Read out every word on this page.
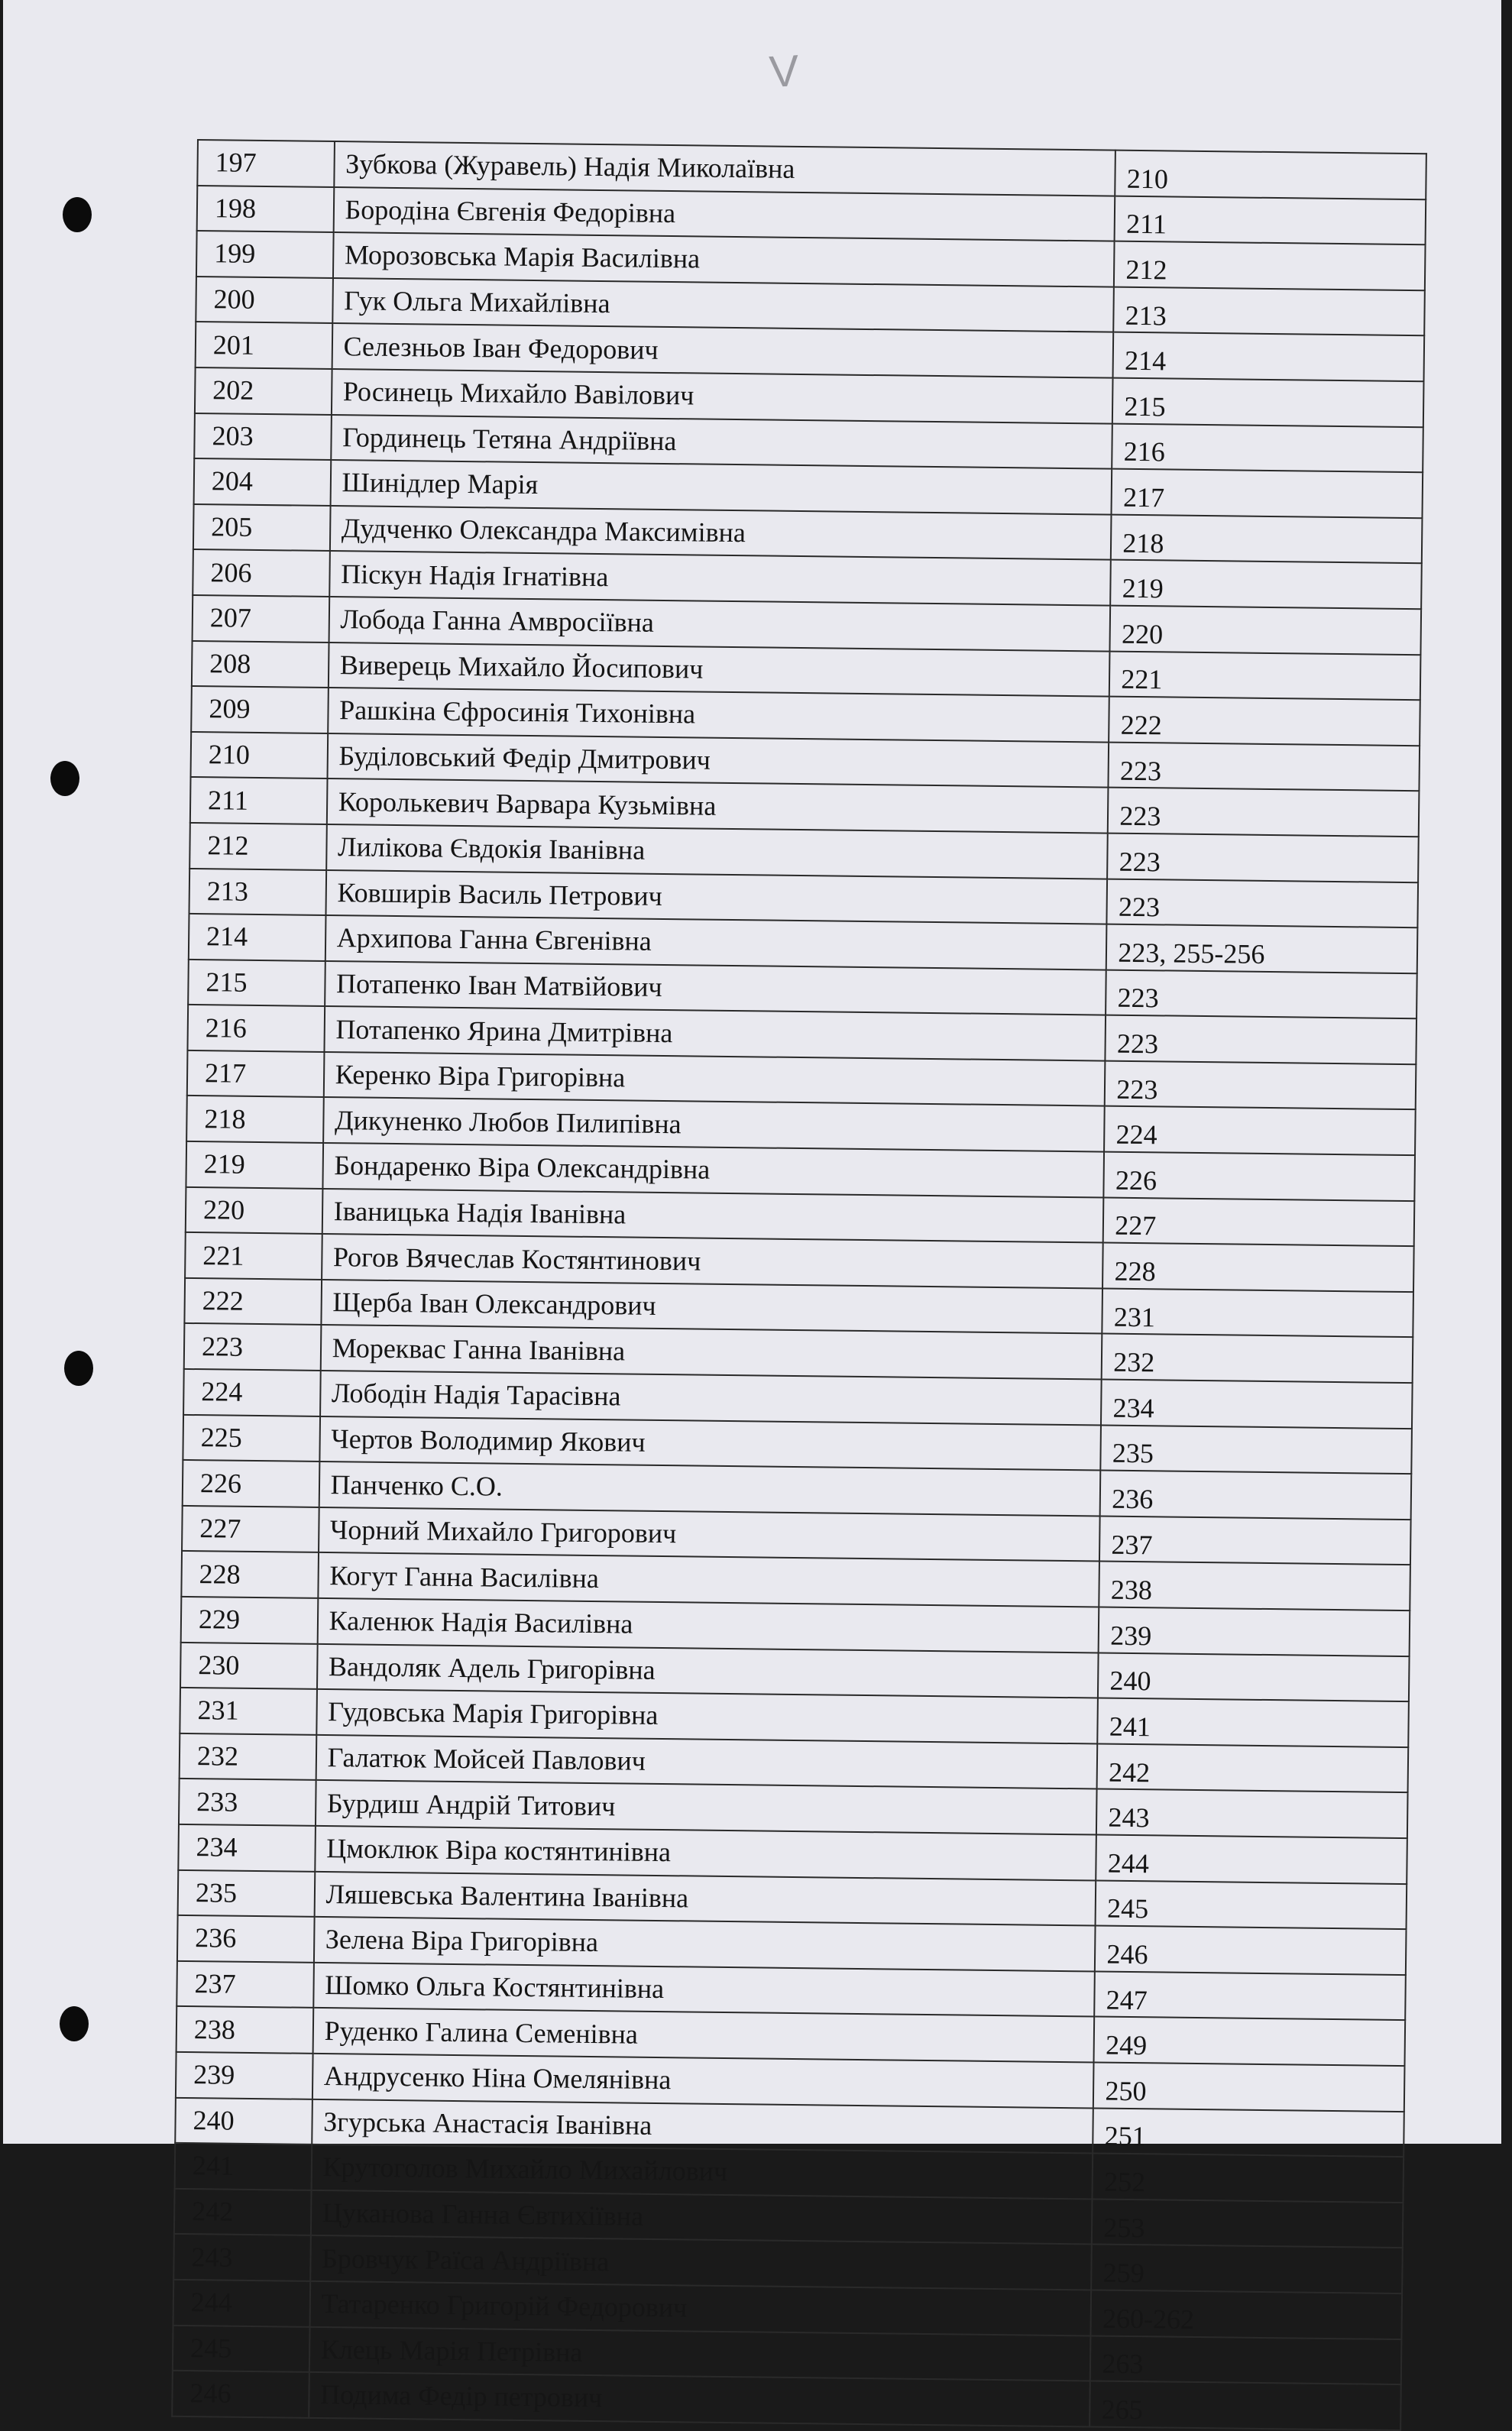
V
197	Зубкова (Журавель) Надія Миколаївна	210
198	Бородіна Євгенія Федорівна	211
199	Морозовська Марія Василівна	212
200	Гук Ольга Михайлівна	213
201	Селезньов Іван Федорович	214
202	Росинець Михайло Вавілович	215
203	Гординець Тетяна Андріївна	216
204	Шинідлер Марія	217
205	Дудченко Олександра Максимівна	218
206	Піскун Надія Ігнатівна	219
207	Лобода Ганна Амвросіївна	220
208	Виверець Михайло Йосипович	221
209	Рашкіна Єфросинія Тихонівна	222
210	Буділовський Федір Дмитрович	223
211	Королькевич Варвара Кузьмівна	223
212	Лилікова Євдокія Іванівна	223
213	Ковширів Василь Петрович	223
214	Архипова Ганна Євгенівна	223, 255-256
215	Потапенко Іван Матвійович	223
216	Потапенко Ярина Дмитрівна	223
217	Керенко Віра Григорівна	223
218	Дикуненко Любов Пилипівна	224
219	Бондаренко Віра Олександрівна	226
220	Іваницька Надія Іванівна	227
221	Рогов Вячеслав Костянтинович	228
222	Щерба Іван Олександрович	231
223	Мореквас Ганна Іванівна	232
224	Лободін Надія Тарасівна	234
225	Чертов Володимир Якович	235
226	Панченко С.О.	236
227	Чорний Михайло Григорович	237
228	Когут Ганна Василівна	238
229	Каленюк Надія Василівна	239
230	Вандоляк Адель Григорівна	240
231	Гудовська Марія Григорівна	241
232	Галатюк Мойсей Павлович	242
233	Бурдиш Андрій Титович	243
234	Цмоклюк Віра костянтинівна	244
235	Ляшевська Валентина Іванівна	245
236	Зелена Віра Григорівна	246
237	Шомко Ольга Костянтинівна	247
238	Руденко Галина Семенівна	249
239	Андрусенко Ніна Омелянівна	250
240	Згурська Анастасія Іванівна	251
241	Крутоголов Михайло Михайлович	252
242	Цуканова Ганна Євтихіївна	253
243	Бровчук Раїса Андріївна	259
244	Татаренко Григорій Федорович	260-262
245	Клець Марія Петрівна	263
246	Подима Федір петрович	265
